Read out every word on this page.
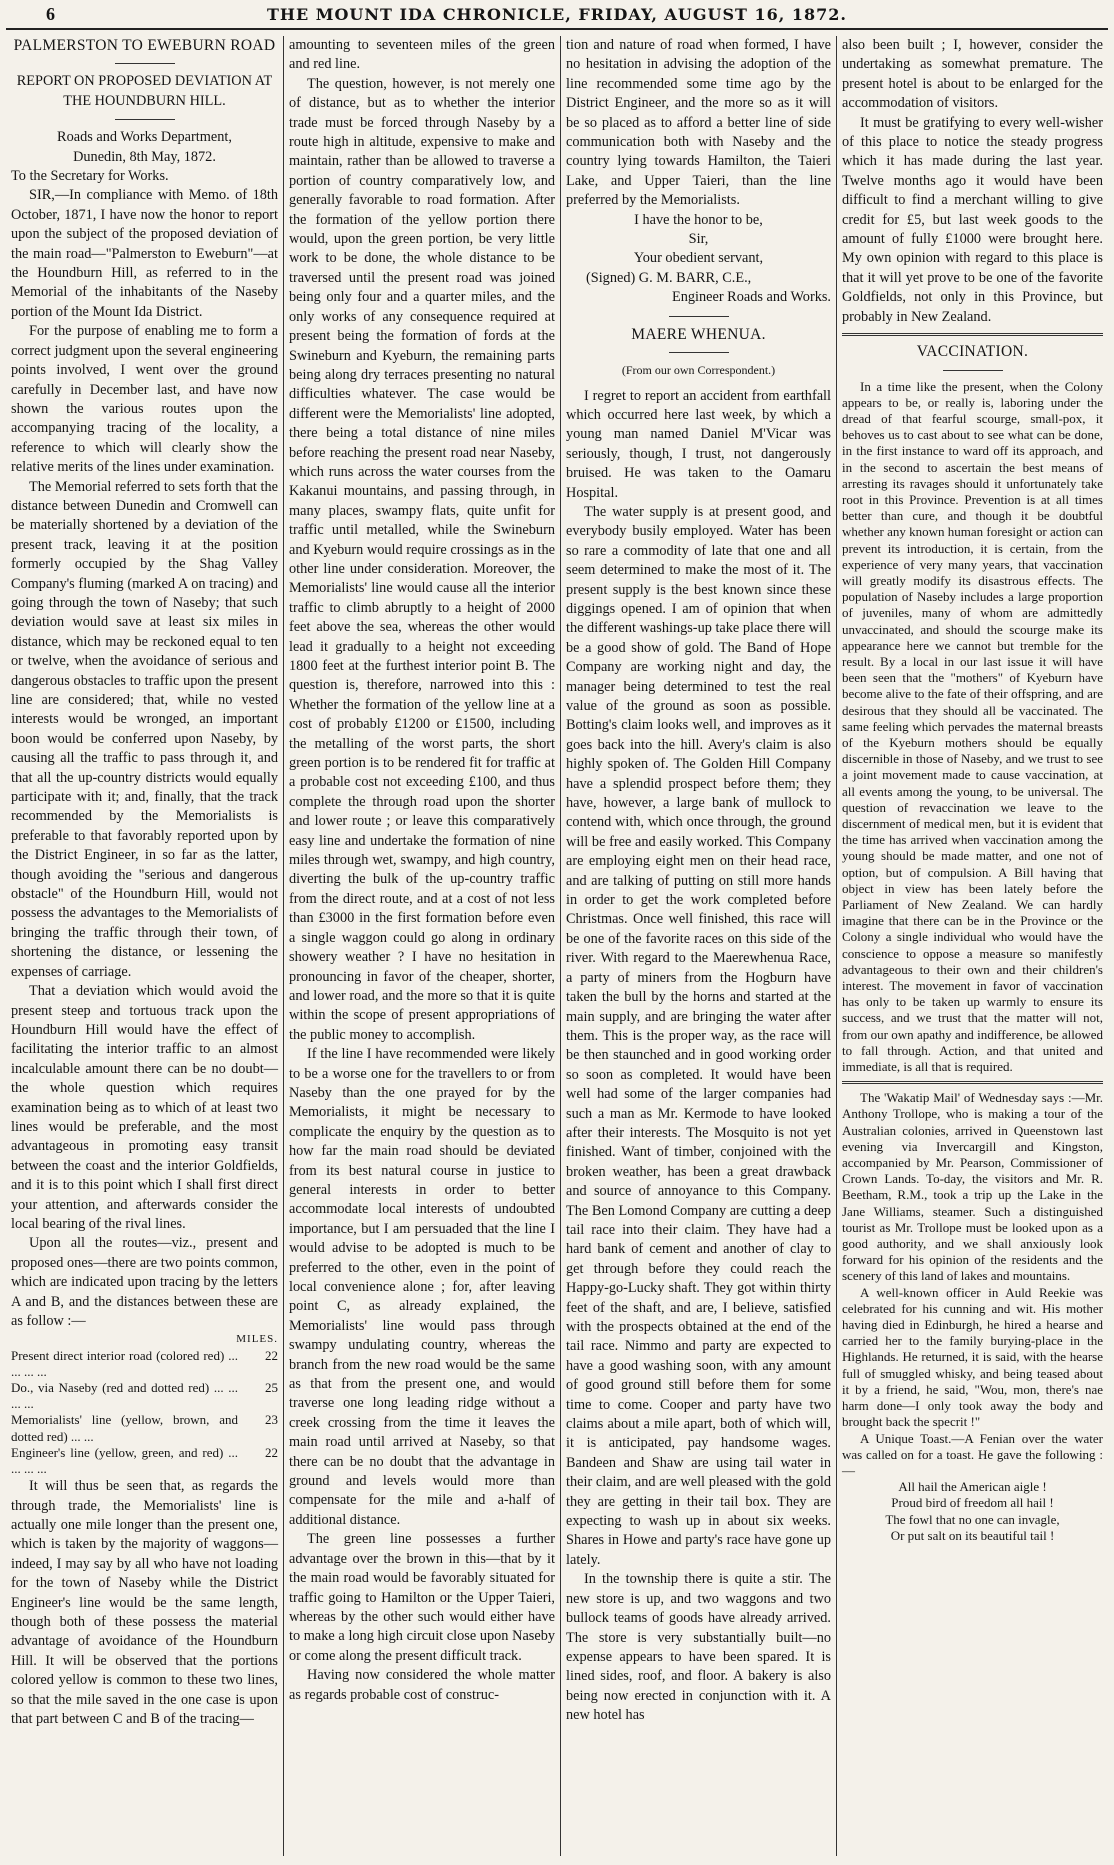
6	THE MOUNT IDA CHRONICLE, FRIDAY, AUGUST 16, 1872.

PALMERSTON TO EWEBURN ROAD

REPORT ON PROPOSED DEVIATION AT THE HOUNDBURN HILL.

Roads and Works Department,

Dunedin, 8th May, 1872.

To the Secretary for Works.

SIR,—In compliance with Memo. of 18th October, 1871, I have now the honor to report upon the subject of the proposed deviation of the main road—"Palmerston to Eweburn"—at the Houndburn Hill, as referred to in the Memorial of the inhabitants of the Naseby portion of the Mount Ida District.

For the purpose of enabling me to form a correct judgment upon the several engineering points involved, I went over the ground carefully in December last, and have now shown the various routes upon the accompanying tracing of the locality, a reference to which will clearly show the relative merits of the lines under examination.

The Memorial referred to sets forth that the distance between Dunedin and Cromwell can be materially shortened by a deviation of the present track, leaving it at the position formerly occupied by the Shag Valley Company's fluming (marked A on tracing) and going through the town of Naseby; that such deviation would save at least six miles in distance, which may be reckoned equal to ten or twelve, when the avoidance of serious and dangerous obstacles to traffic upon the present line are considered; that, while no vested interests would be wronged, an important boon would be conferred upon Naseby, by causing all the traffic to pass through it, and that all the up-country districts would equally participate with it; and, finally, that the track recommended by the Memorialists is preferable to that favorably reported upon by the District Engineer, in so far as the latter, though avoiding the "serious and dangerous obstacle" of the Houndburn Hill, would not possess the advantages to the Memorialists of bringing the traffic through their town, of shortening the distance, or lessening the expenses of carriage.

That a deviation which would avoid the present steep and tortuous track upon the Houndburn Hill would have the effect of facilitating the interior traffic to an almost incalculable amount there can be no doubt—the whole question which requires examination being as to which of at least two lines would be preferable, and the most advantageous in promoting easy transit between the coast and the interior Goldfields, and it is to this point which I shall first direct your attention, and afterwards consider the local bearing of the rival lines.

Upon all the routes—viz., present and proposed ones—there are two points common, which are indicated upon tracing by the letters A and B, and the distances between these are as follow :—

MILES.
Present direct interior road (colored red) ... ... ... ...
22
Do., via Naseby (red and dotted red) ... ... ... ...
25
Memorialists' line (yellow, brown, and dotted red) ... ...
23
Engineer's line (yellow, green, and red) ... ... ... ...
22

It will thus be seen that, as regards the through trade, the Memorialists' line is actually one mile longer than the present one, which is taken by the majority of waggons—indeed, I may say by all who have not loading for the town of Naseby while the District Engineer's line would be the same length, though both of these possess the material advantage of avoidance of the Houndburn Hill. It will be observed that the portions colored yellow is common to these two lines, so that the mile saved in the one case is upon that part between C and B of the tracing—

amounting to seventeen miles of the green and red line.

The question, however, is not merely one of distance, but as to whether the interior trade must be forced through Naseby by a route high in altitude, expensive to make and maintain, rather than be allowed to traverse a portion of country comparatively low, and generally favorable to road formation. After the formation of the yellow portion there would, upon the green portion, be very little work to be done, the whole distance to be traversed until the present road was joined being only four and a quarter miles, and the only works of any consequence required at present being the formation of fords at the Swineburn and Kyeburn, the remaining parts being along dry terraces presenting no natural difficulties whatever. The case would be different were the Memorialists' line adopted, there being a total distance of nine miles before reaching the present road near Naseby, which runs across the water courses from the Kakanui mountains, and passing through, in many places, swampy flats, quite unfit for traffic until metalled, while the Swineburn and Kyeburn would require crossings as in the other line under consideration. Moreover, the Memorialists' line would cause all the interior traffic to climb abruptly to a height of 2000 feet above the sea, whereas the other would lead it gradually to a height not exceeding 1800 feet at the furthest interior point B. The question is, therefore, narrowed into this : Whether the formation of the yellow line at a cost of probably £1200 or £1500, including the metalling of the worst parts, the short green portion is to be rendered fit for traffic at a probable cost not exceeding £100, and thus complete the through road upon the shorter and lower route ; or leave this comparatively easy line and undertake the formation of nine miles through wet, swampy, and high country, diverting the bulk of the up-country traffic from the direct route, and at a cost of not less than £3000 in the first formation before even a single waggon could go along in ordinary showery weather ? I have no hesitation in pronouncing in favor of the cheaper, shorter, and lower road, and the more so that it is quite within the scope of present appropriations of the public money to accomplish.

If the line I have recommended were likely to be a worse one for the travellers to or from Naseby than the one prayed for by the Memorialists, it might be necessary to complicate the enquiry by the question as to how far the main road should be deviated from its best natural course in justice to general interests in order to better accommodate local interests of undoubted importance, but I am persuaded that the line I would advise to be adopted is much to be preferred to the other, even in the point of local convenience alone ; for, after leaving point C, as already explained, the Memorialists' line would pass through swampy undulating country, whereas the branch from the new road would be the same as that from the present one, and would traverse one long leading ridge without a creek crossing from the time it leaves the main road until arrived at Naseby, so that there can be no doubt that the advantage in ground and levels would more than compensate for the mile and a-half of additional distance.

The green line possesses a further advantage over the brown in this—that by it the main road would be favorably situated for traffic going to Hamilton or the Upper Taieri, whereas by the other such would either have to make a long high circuit close upon Naseby or come along the present difficult track.

Having now considered the whole matter as regards probable cost of construc-

tion and nature of road when formed, I have no hesitation in advising the adoption of the line recommended some time ago by the District Engineer, and the more so as it will be so placed as to afford a better line of side communication both with Naseby and the country lying towards Hamilton, the Taieri Lake, and Upper Taieri, than the line preferred by the Memorialists.

I have the honor to be,

Sir,

Your obedient servant,

(Signed) G. M. BARR, C.E.,

Engineer Roads and Works.

MAERE WHENUA.

(From our own Correspondent.)

I regret to report an accident from earthfall which occurred here last week, by which a young man named Daniel M'Vicar was seriously, though, I trust, not dangerously bruised. He was taken to the Oamaru Hospital.

The water supply is at present good, and everybody busily employed. Water has been so rare a commodity of late that one and all seem determined to make the most of it. The present supply is the best known since these diggings opened. I am of opinion that when the different washings-up take place there will be a good show of gold. The Band of Hope Company are working night and day, the manager being determined to test the real value of the ground as soon as possible. Botting's claim looks well, and improves as it goes back into the hill. Avery's claim is also highly spoken of. The Golden Hill Company have a splendid prospect before them; they have, however, a large bank of mullock to contend with, which once through, the ground will be free and easily worked. This Company are employing eight men on their head race, and are talking of putting on still more hands in order to get the work completed before Christmas. Once well finished, this race will be one of the favorite races on this side of the river. With regard to the Maerewhenua Race, a party of miners from the Hogburn have taken the bull by the horns and started at the main supply, and are bringing the water after them. This is the proper way, as the race will be then staunched and in good working order so soon as completed. It would have been well had some of the larger companies had such a man as Mr. Kermode to have looked after their interests. The Mosquito is not yet finished. Want of timber, conjoined with the broken weather, has been a great drawback and source of annoyance to this Company. The Ben Lomond Company are cutting a deep tail race into their claim. They have had a hard bank of cement and another of clay to get through before they could reach the Happy-go-Lucky shaft. They got within thirty feet of the shaft, and are, I believe, satisfied with the prospects obtained at the end of the tail race. Nimmo and party are expected to have a good washing soon, with any amount of good ground still before them for some time to come. Cooper and party have two claims about a mile apart, both of which will, it is anticipated, pay handsome wages. Bandeen and Shaw are using tail water in their claim, and are well pleased with the gold they are getting in their tail box. They are expecting to wash up in about six weeks. Shares in Howe and party's race have gone up lately.

In the township there is quite a stir. The new store is up, and two waggons and two bullock teams of goods have already arrived. The store is very substantially built—no expense appears to have been spared. It is lined sides, roof, and floor. A bakery is also being now erected in conjunction with it. A new hotel has

also been built ; I, however, consider the undertaking as somewhat premature. The present hotel is about to be enlarged for the accommodation of visitors.

It must be gratifying to every well-wisher of this place to notice the steady progress which it has made during the last year. Twelve months ago it would have been difficult to find a merchant willing to give credit for £5, but last week goods to the amount of fully £1000 were brought here. My own opinion with regard to this place is that it will yet prove to be one of the favorite Goldfields, not only in this Province, but probably in New Zealand.

VACCINATION.

In a time like the present, when the Colony appears to be, or really is, laboring under the dread of that fearful scourge, small-pox, it behoves us to cast about to see what can be done, in the first instance to ward off its approach, and in the second to ascertain the best means of arresting its ravages should it unfortunately take root in this Province. Prevention is at all times better than cure, and though it be doubtful whether any known human foresight or action can prevent its introduction, it is certain, from the experience of very many years, that vaccination will greatly modify its disastrous effects. The population of Naseby includes a large proportion of juveniles, many of whom are admittedly unvaccinated, and should the scourge make its appearance here we cannot but tremble for the result. By a local in our last issue it will have been seen that the "mothers" of Kyeburn have become alive to the fate of their offspring, and are desirous that they should all be vaccinated. The same feeling which pervades the maternal breasts of the Kyeburn mothers should be equally discernible in those of Naseby, and we trust to see a joint movement made to cause vaccination, at all events among the young, to be universal. The question of revaccination we leave to the discernment of medical men, but it is evident that the time has arrived when vaccination among the young should be made matter, and one not of option, but of compulsion. A Bill having that object in view has been lately before the Parliament of New Zealand. We can hardly imagine that there can be in the Province or the Colony a single individual who would have the conscience to oppose a measure so manifestly advantageous to their own and their children's interest. The movement in favor of vaccination has only to be taken up warmly to ensure its success, and we trust that the matter will not, from our own apathy and indifference, be allowed to fall through. Action, and that united and immediate, is all that is required.

The 'Wakatip Mail' of Wednesday says :—Mr. Anthony Trollope, who is making a tour of the Australian colonies, arrived in Queenstown last evening via Invercargill and Kingston, accompanied by Mr. Pearson, Commissioner of Crown Lands. To-day, the visitors and Mr. R. Beetham, R.M., took a trip up the Lake in the Jane Williams, steamer. Such a distinguished tourist as Mr. Trollope must be looked upon as a good authority, and we shall anxiously look forward for his opinion of the residents and the scenery of this land of lakes and mountains.

A well-known officer in Auld Reekie was celebrated for his cunning and wit. His mother having died in Edinburgh, he hired a hearse and carried her to the family burying-place in the Highlands. He returned, it is said, with the hearse full of smuggled whisky, and being teased about it by a friend, he said, "Wou, mon, there's nae harm done—I only took away the body and brought back the specrit !"

A Unique Toast.—A Fenian over the water was called on for a toast. He gave the following :—

All hail the American aigle !

Proud bird of freedom all hail !

The fowl that no one can invagle,

Or put salt on its beautiful tail !
